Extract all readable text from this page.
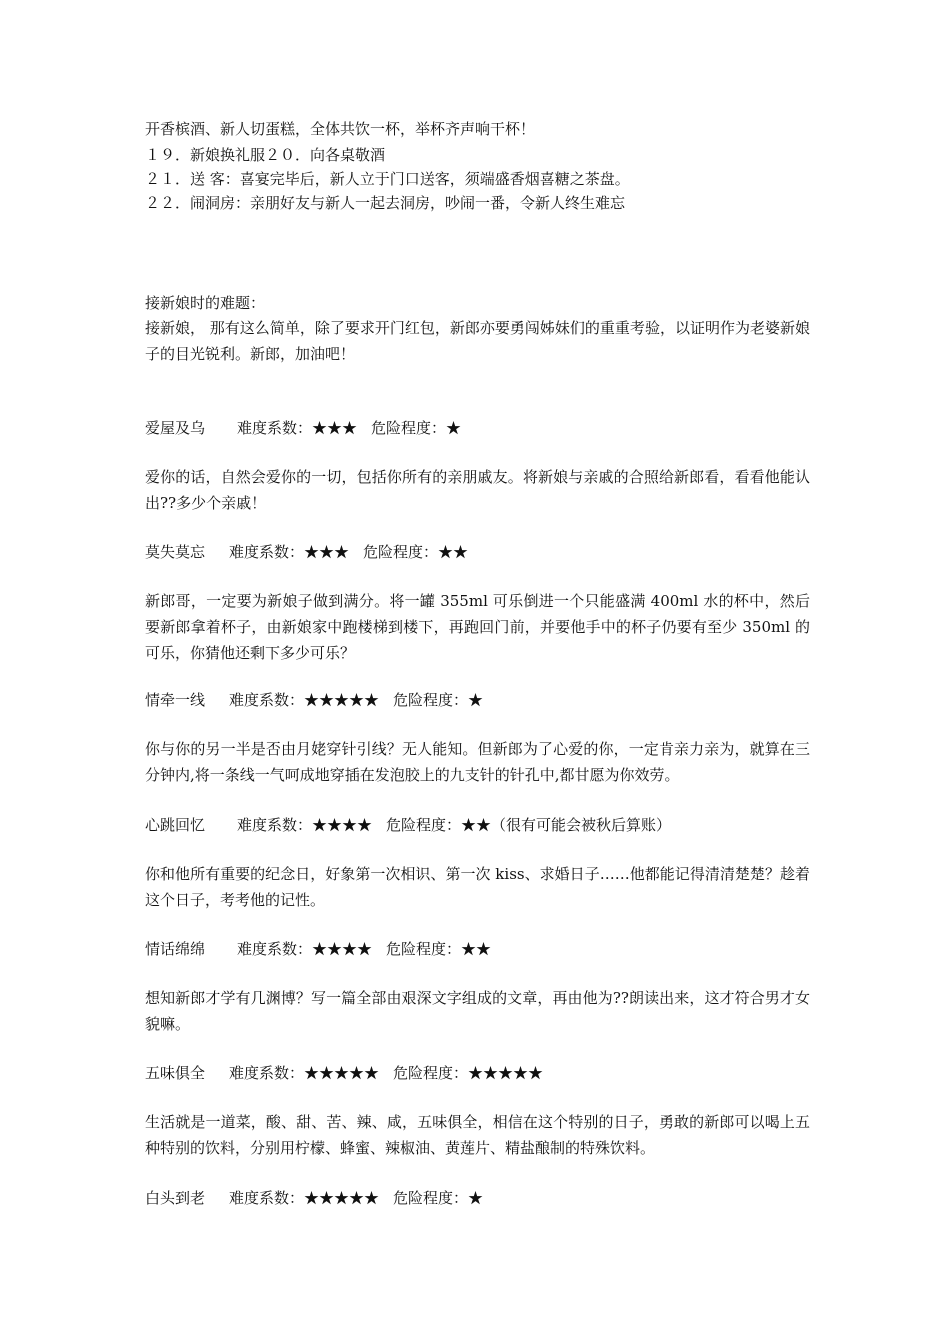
开香槟酒、新人切蛋糕，全体共饮一杯，举杯齐声响干杯！
１９．新娘换礼服２０．向各桌敬酒
２１．送 客：喜宴完毕后，新人立于门口送客，须端盛香烟喜糖之茶盘。
２２．闹洞房：亲朋好友与新人一起去洞房，吵闹一番，令新人终生难忘
接新娘时的难题：
接新娘， 那有这么简单，除了要求开门红包，新郎亦要勇闯姊妹们的重重考验，以证明作为老婆新娘子的目光锐利。新郎，加油吧！
爱屋及乌 难度系数：★★★ 危险程度：★
爱你的话，自然会爱你的一切，包括你所有的亲朋戚友。将新娘与亲戚的合照给新郎看，看看他能认出??多少个亲戚！
莫失莫忘 难度系数：★★★ 危险程度：★★
新郎哥，一定要为新娘子做到满分。将一罐 355ml 可乐倒进一个只能盛满 400ml 水的杯中，然后要新郎拿着杯子，由新娘家中跑楼梯到楼下，再跑回门前，并要他手中的杯子仍要有至少 350ml 的可乐，你猜他还剩下多少可乐？
情牵一线 难度系数：★★★★★ 危险程度：★
你与你的另一半是否由月姥穿针引线？无人能知。但新郎为了心爱的你，一定肯亲力亲为，就算在三分钟内,将一条线一气呵成地穿插在发泡胶上的九支针的针孔中,都甘愿为你效劳。
心跳回忆 难度系数：★★★★ 危险程度：★★（很有可能会被秋后算账）
你和他所有重要的纪念日，好象第一次相识、第一次 kiss、求婚日子……他都能记得清清楚楚？趁着这个日子，考考他的记性。
情话绵绵 难度系数：★★★★ 危险程度：★★
想知新郎才学有几渊博？写一篇全部由艰深文字组成的文章，再由他为??朗读出来，这才符合男才女貌嘛。
五味俱全 难度系数：★★★★★ 危险程度：★★★★★
生活就是一道菜，酸、甜、苦、辣、咸，五味俱全，相信在这个特别的日子，勇敢的新郎可以喝上五种特别的饮料，分别用柠檬、蜂蜜、辣椒油、黄莲片、精盐酿制的特殊饮料。
白头到老 难度系数：★★★★★ 危险程度：★
